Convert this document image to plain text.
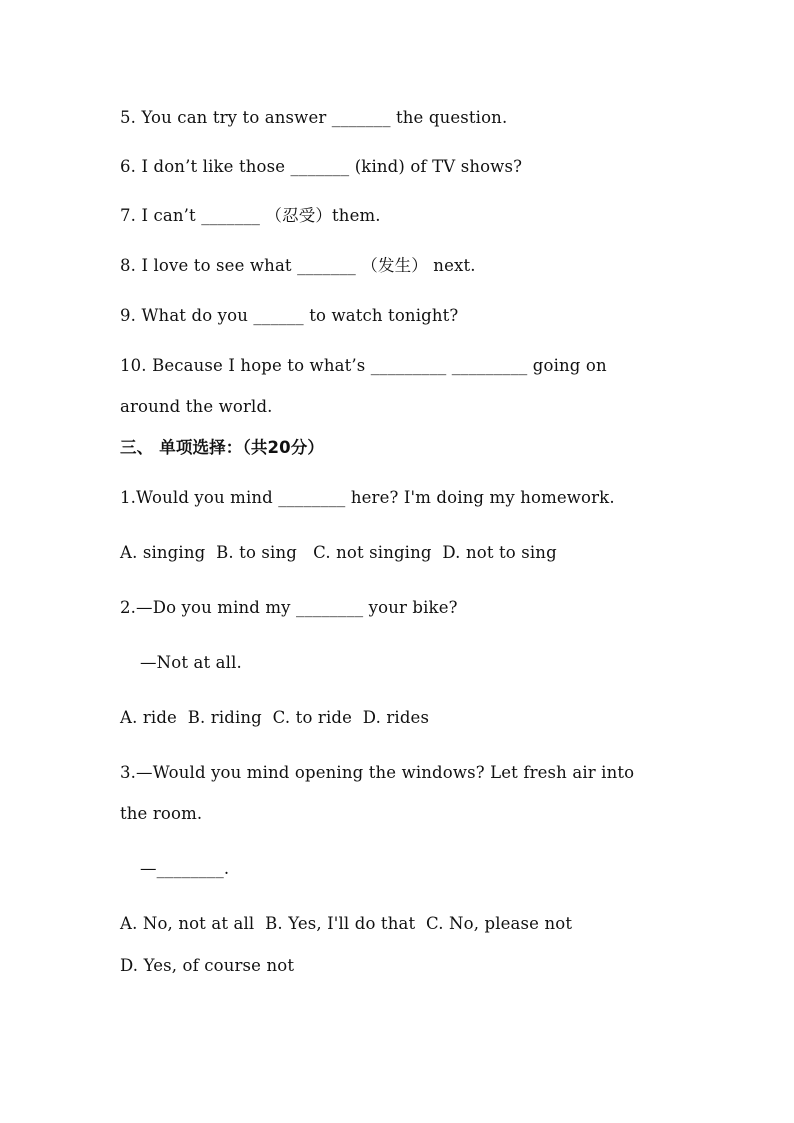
5. You can try to answer _______ the question.
6. I don’t like those _______ (kind) of TV shows?
7. I can’t _______ （忍受）them.
8. I love to see what _______ （发生） next.
9. What do you ______ to watch tonight?
10. Because I hope to what’s _________ _________ going on
around the world.
三、 单项选择：（共20分）
1.Would you mind ________ here? I'm doing my homework.
A. singing  B. to sing   C. not singing  D. not to sing
2.—Do you mind my ________ your bike?
—Not at all.
A. ride  B. riding  C. to ride  D. rides
3.—Would you mind opening the windows? Let fresh air into
the room.
—________.
A. No, not at all  B. Yes, I'll do that  C. No, please not
D. Yes, of course not
